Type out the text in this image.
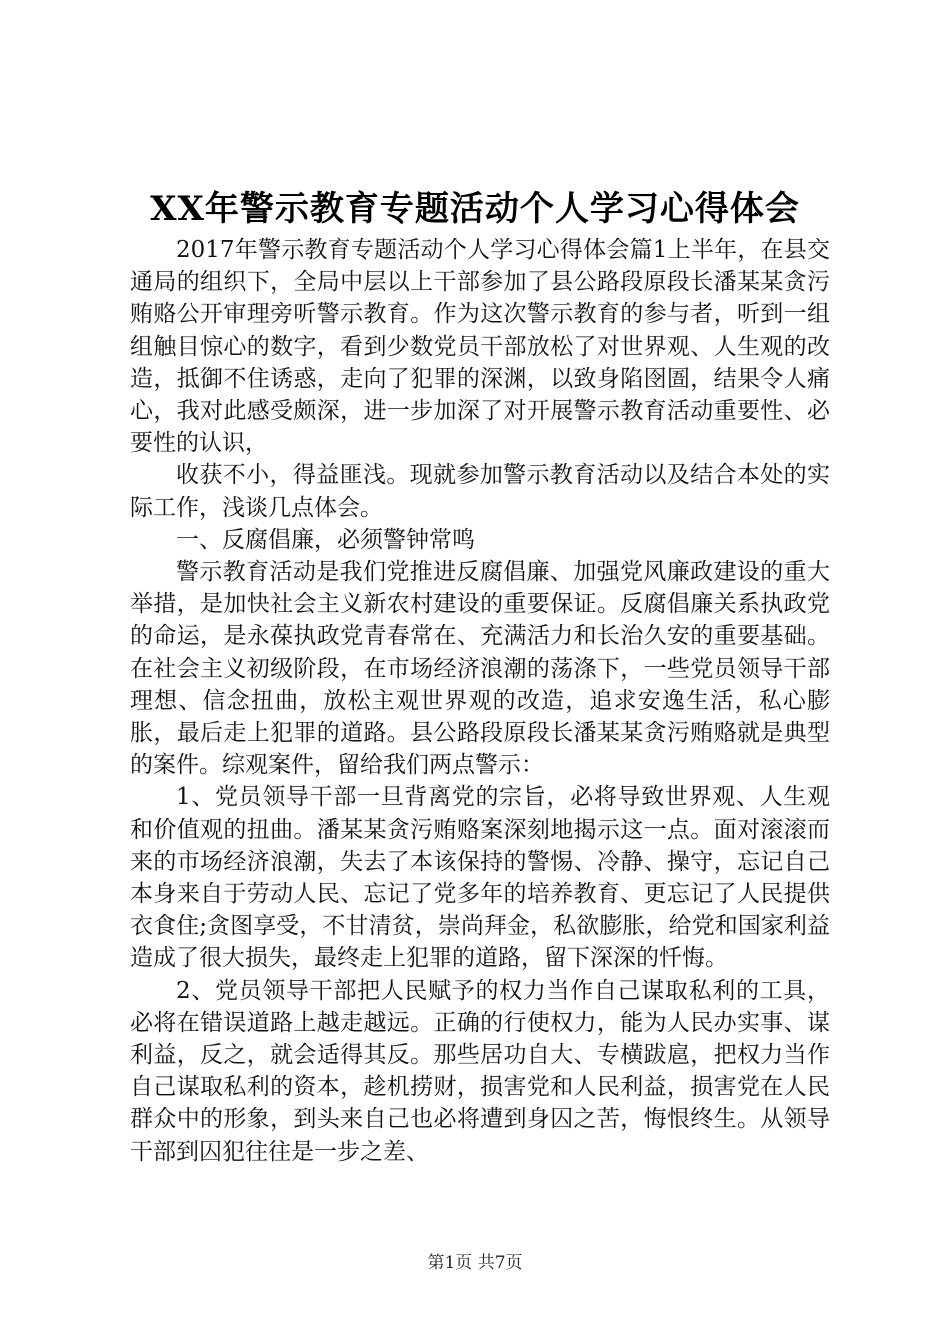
XX年警示教育专题活动个人学习心得体会

2017年警示教育专题活动个人学习心得体会篇1上半年，在县交通局的组织下，全局中层以上干部参加了县公路段原段长潘某某贪污贿赂公开审理旁听警示教育。作为这次警示教育的参与者，听到一组组触目惊心的数字，看到少数党员干部放松了对世界观、人生观的改造，抵御不住诱惑，走向了犯罪的深渊，以致身陷囹圄，结果令人痛心，我对此感受颇深，进一步加深了对开展警示教育活动重要性、必要性的认识，

收获不小，得益匪浅。现就参加警示教育活动以及结合本处的实际工作，浅谈几点体会。

一、反腐倡廉，必须警钟常鸣

警示教育活动是我们党推进反腐倡廉、加强党风廉政建设的重大举措，是加快社会主义新农村建设的重要保证。反腐倡廉关系执政党的命运，是永葆执政党青春常在、充满活力和长治久安的重要基础。在社会主义初级阶段，在市场经济浪潮的荡涤下，一些党员领导干部理想、信念扭曲，放松主观世界观的改造，追求安逸生活，私心膨胀，最后走上犯罪的道路。县公路段原段长潘某某贪污贿赂就是典型的案件。综观案件，留给我们两点警示：

1、党员领导干部一旦背离党的宗旨，必将导致世界观、人生观和价值观的扭曲。潘某某贪污贿赂案深刻地揭示这一点。面对滚滚而来的市场经济浪潮，失去了本该保持的警惕、冷静、操守，忘记自己本身来自于劳动人民、忘记了党多年的培养教育、更忘记了人民提供衣食住;贪图享受，不甘清贫，崇尚拜金，私欲膨胀，给党和国家利益造成了很大损失，最终走上犯罪的道路，留下深深的忏悔。

2、党员领导干部把人民赋予的权力当作自己谋取私利的工具，必将在错误道路上越走越远。正确的行使权力，能为人民办实事、谋利益，反之，就会适得其反。那些居功自大、专横跋扈，把权力当作自己谋取私利的资本，趁机捞财，损害党和人民利益，损害党在人民群众中的形象，到头来自己也必将遭到身囚之苦，悔恨终生。从领导干部到囚犯往往是一步之差、

第1页 共7页
